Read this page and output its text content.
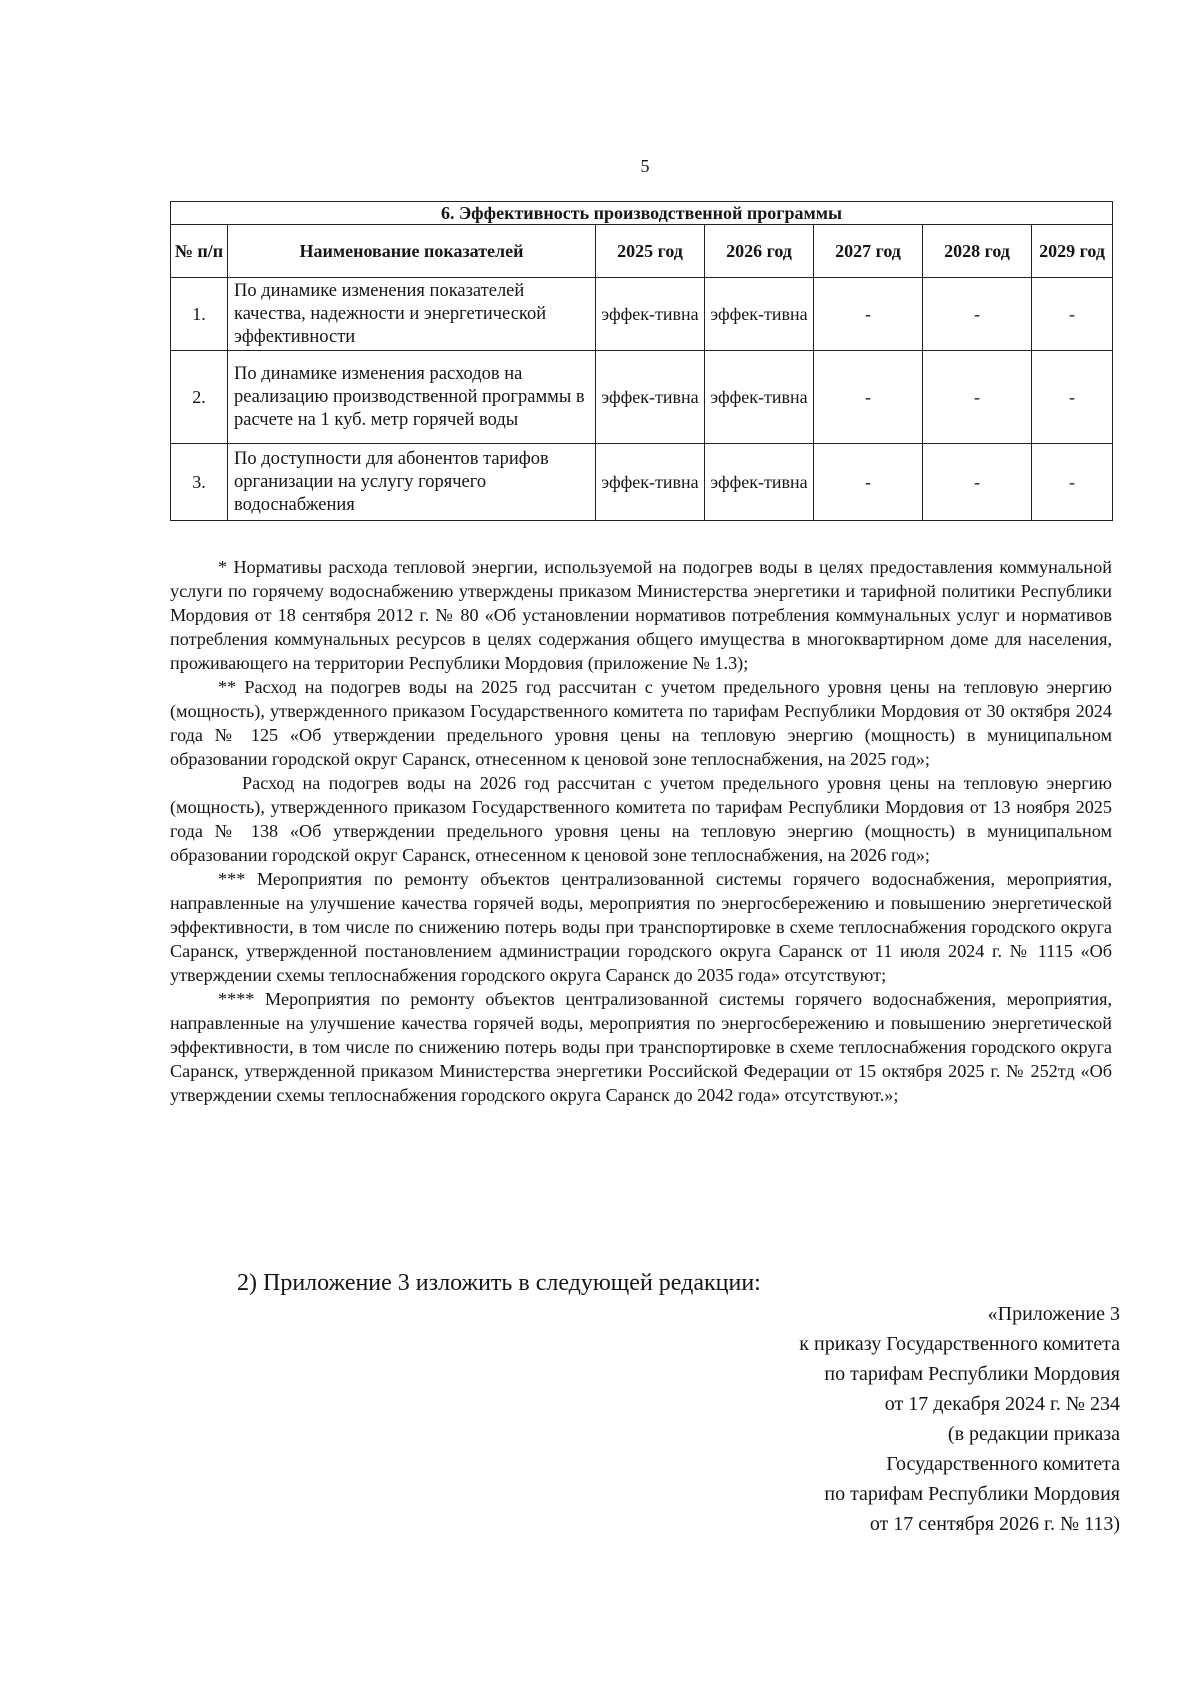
5
6. Эффективность производственной программы						
№ п/п	Наименование показателей	2025 год	2026 год	2027 год	2028 год	2029 год
1.	По динамике изменения показателей качества, надежности и энергетической эффективности	эффек-тивна	эффек-тивна	-	-	-
2.	По динамике изменения расходов на реализацию производственной программы в расчете на 1 куб. метр горячей воды	эффек-тивна	эффек-тивна	-	-	-
3.	По доступности для абонентов тарифов организации на услугу горячего водоснабжения	эффек-тивна	эффек-тивна	-	-	-

* Нормативы расхода тепловой энергии, используемой на подогрев воды в целях предоставления коммунальной услуги по горячему водоснабжению утверждены приказом Министерства энергетики и тарифной политики Республики Мордовия от 18 сентября 2012 г. № 80 «Об установлении нормативов потребления коммунальных услуг и нормативов потребления коммунальных ресурсов в целях содержания общего имущества в многоквартирном доме для населения, проживающего на территории Республики Мордовия (приложение № 1.3);

** Расход на подогрев воды на 2025 год рассчитан с учетом предельного уровня цены на тепловую энергию (мощность), утвержденного приказом Государственного комитета по тарифам Республики Мордовия от 30 октября 2024 года № 125 «Об утверждении предельного уровня цены на тепловую энергию (мощность) в муниципальном образовании городской округ Саранск, отнесенном к ценовой зоне теплоснабжения, на 2025 год»;

Расход на подогрев воды на 2026 год рассчитан с учетом предельного уровня цены на тепловую энергию (мощность), утвержденного приказом Государственного комитета по тарифам Республики Мордовия от 13 ноября 2025 года № 138 «Об утверждении предельного уровня цены на тепловую энергию (мощность) в муниципальном образовании городской округ Саранск, отнесенном к ценовой зоне теплоснабжения, на 2026 год»;

*** Мероприятия по ремонту объектов централизованной системы горячего водоснабжения, мероприятия, направленные на улучшение качества горячей воды, мероприятия по энергосбережению и повышению энергетической эффективности, в том числе по снижению потерь воды при транспортировке в схеме теплоснабжения городского округа Саранск, утвержденной постановлением администрации городского округа Саранск от 11 июля 2024 г. № 1115 «Об утверждении схемы теплоснабжения городского округа Саранск до 2035 года» отсутствуют;

**** Мероприятия по ремонту объектов централизованной системы горячего водоснабжения, мероприятия, направленные на улучшение качества горячей воды, мероприятия по энергосбережению и повышению энергетической эффективности, в том числе по снижению потерь воды при транспортировке в схеме теплоснабжения городского округа Саранск, утвержденной приказом Министерства энергетики Российской Федерации от 15 октября 2025 г. № 252тд «Об утверждении схемы теплоснабжения городского округа Саранск до 2042 года» отсутствуют.»;

2) Приложение 3 изложить в следующей редакции:
«Приложение 3
к приказу Государственного комитета
по тарифам Республики Мордовия
от 17 декабря 2024 г. № 234
(в редакции приказа
Государственного комитета
по тарифам Республики Мордовия
от 17 сентября 2026 г. № 113)
